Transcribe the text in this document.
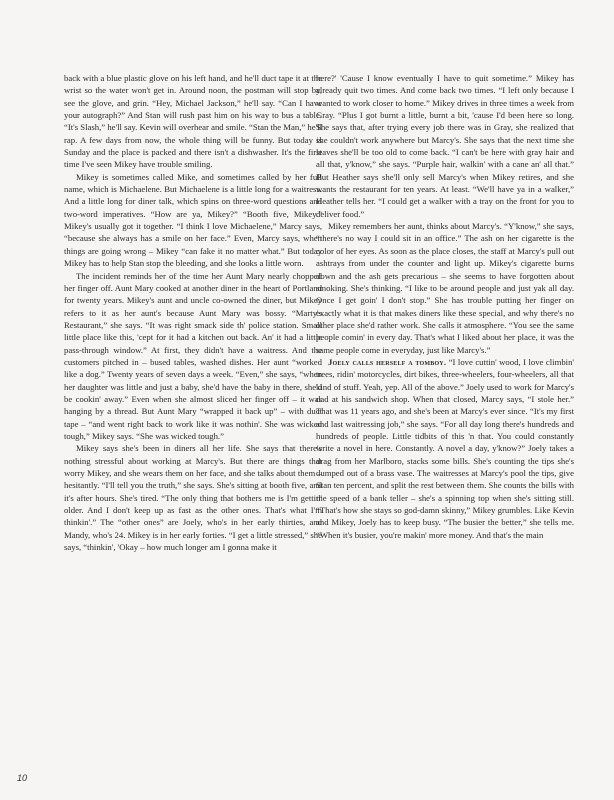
back with a blue plastic glove on his left hand, and he'll duct tape it at the wrist so the water won't get in. Around noon, the postman will stop by, see the glove, and grin. “Hey, Michael Jackson,” he'll say. “Can I have your autograph?” And Stan will rush past him on his way to bus a table. “It's Slash,” he'll say. Kevin will overhear and smile. “Stan the Man,” he'll rap. A few days from now, the whole thing will be funny. But today is Sunday and the place is packed and there isn't a dishwasher. It's the first time I've seen Mikey have trouble smiling.

Mikey is sometimes called Mike, and sometimes called by her full name, which is Michaelene. But Michaelene is a little long for a waitress. And a little long for diner talk, which spins on three-word questions and two-word imperatives. “How are ya, Mikey?” “Booth five, Mikey.” Mikey's usually got it together. “I think I love Michaelene,” Marcy says, “because she always has a smile on her face.” Even, Marcy says, when things are going wrong – Mikey “can fake it no matter what.” But today Mikey has to help Stan stop the bleeding, and she looks a little worn.

The incident reminds her of the time her Aunt Mary nearly chopped her finger off. Aunt Mary cooked at another diner in the heart of Portland for twenty years. Mikey's aunt and uncle co-owned the diner, but Mikey refers to it as her aunt's because Aunt Mary was bossy. “Marty's Restaurant,” she says. “It was right smack side th' police station. Small little place like this, 'cept for it had a kitchen out back. An' it had a little pass-through window.” At first, they didn't have a waitress. And the customers pitched in – bused tables, washed dishes. Her aunt “worked like a dog.” Twenty years of seven days a week. “Even,” she says, “when her daughter was little and just a baby, she'd have the baby in there, she'd be cookin' away.” Even when she almost sliced her finger off – it was hanging by a thread. But Aunt Mary “wrapped it back up” – with duct tape – “and went right back to work like it was nothin'. She was wicked tough,” Mikey says. “She was wicked tough.”

Mikey says she's been in diners all her life. She says that there's nothing stressful about working at Marcy's. But there are things that worry Mikey, and she wears them on her face, and she talks about them – hesitantly. “I'll tell you the truth,” she says. She's sitting at booth five, and it's after hours. She's tired. “The only thing that bothers me is I'm gettin' older. And I don't keep up as fast as the other ones. That's what I'm thinkin'.” The “other ones” are Joely, who's in her early thirties, and Mandy, who's 24. Mikey is in her early forties. “I get a little stressed,” she says, “thinkin', 'Okay – how much longer am I gonna make it

here?' 'Cause I know eventually I have to quit sometime.” Mikey has already quit two times. And come back two times. “I left only because I wanted to work closer to home.” Mikey drives in three times a week from Gray. “Plus I got burnt a little, burnt a bit, 'cause I'd been here so long. She says that, after trying every job there was in Gray, she realized that she couldn't work anywhere but Marcy's. She says that the next time she leaves she'll be too old to come back. “I can't be here with gray hair and all that, y'know,” she says. “Purple hair, walkin' with a cane an' all that.” But Heather says she'll only sell Marcy's when Mikey retires, and she wants the restaurant for ten years. At least. “We'll have ya in a walker,” Heather tells her. “I could get a walker with a tray on the front for you to deliver food.”

Mikey remembers her aunt, thinks about Marcy's. “Y'know,” she says, “there's no way I could sit in an office.” The ash on her cigarette is the color of her eyes. As soon as the place closes, the staff at Marcy's pull out ashtrays from under the counter and light up. Mikey's cigarette burns down and the ash gets precarious – she seems to have forgotten about smoking. She's thinking. “I like to be around people and just yak all day. Once I get goin' I don't stop.” She has trouble putting her finger on exactly what it is that makes diners like these special, and why there's no other place she'd rather work. She calls it atmosphere. “You see the same people comin' in every day. That's what I liked about her place, it was the same people come in everyday, just like Marcy's.”

Joely calls herself a tomboy. “I love cuttin' wood, I love climbin' trees, ridin' motorcycles, dirt bikes, three-wheelers, four-wheelers, all that kind of stuff. Yeah, yep. All of the above.” Joely used to work for Marcy's dad at his sandwich shop. When that closed, Marcy says, “I stole her.” That was 11 years ago, and she's been at Marcy's ever since. “It's my first and last waitressing job,” she says. “For all day long there's hundreds and hundreds of people. Little tidbits of this 'n that. You could constantly write a novel in here. Constantly. A novel a day, y'know?” Joely takes a drag from her Marlboro, stacks some bills. She's counting the tips she's dumped out of a brass vase. The waitresses at Marcy's pool the tips, give Stan ten percent, and split the rest between them. She counts the bills with the speed of a bank teller – she's a spinning top when she's sitting still. “That's how she stays so god-damn skinny,” Mikey grumbles. Like Kevin and Mikey, Joely has to keep busy. “The busier the better,” she tells me. “When it's busier, you're makin' more money. And that's the main

10
